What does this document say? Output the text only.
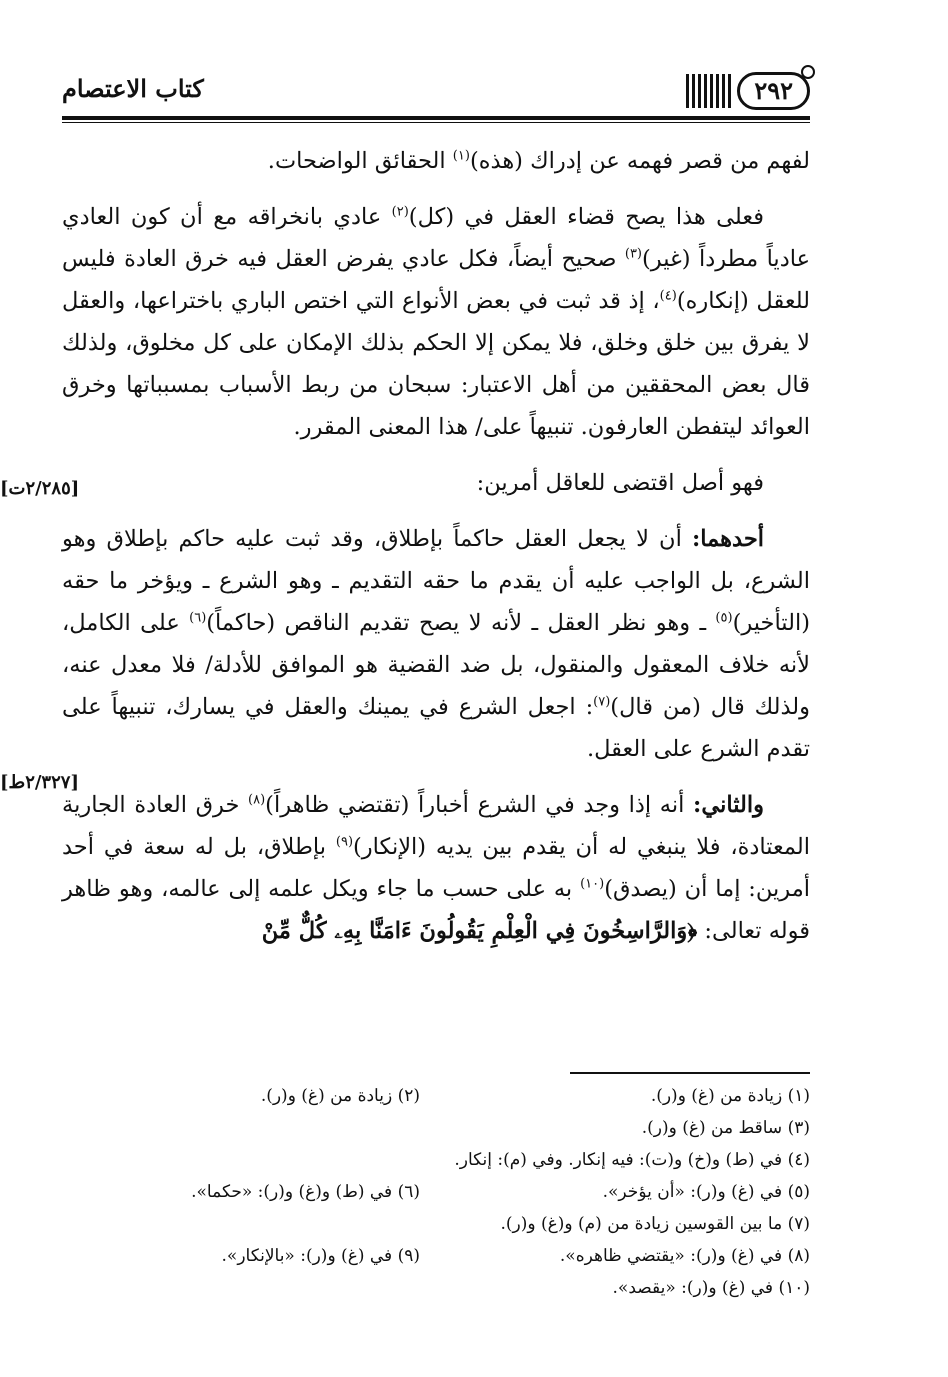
٢٩٢
كتاب الاعتصام

لفهم من قصر فهمه عن إدراك (هذه)$^{(١)}$ الحقائق الواضحات.

فعلى هذا يصح قضاء العقل في (كل)$^{(٢)}$ عادي بانخراقه مع أن كون العادي عادياً مطرداً (غير)$^{(٣)}$ صحيح أيضاً، فكل عادي يفرض العقل فيه خرق العادة فليس للعقل (إنكاره)$^{(٤)}$، إذ قد ثبت في بعض الأنواع التي اختص الباري باختراعها، والعقل لا يفرق بين خلق وخلق، فلا يمكن إلا الحكم بذلك الإمكان على كل مخلوق، ولذلك قال بعض المحققين من أهل الاعتبار: سبحان من ربط الأسباب بمسبباتها وخرق العوائد ليتفطن العارفون. تنبيهاً على/ هذا المعنى المقرر.

فهو أصل اقتضى للعاقل أمرين:

أحدهما: أن لا يجعل العقل حاكماً بإطلاق، وقد ثبت عليه حاكم بإطلاق وهو الشرع، بل الواجب عليه أن يقدم ما حقه التقديم ـ وهو الشرع ـ ويؤخر ما حقه (التأخير)$^{(٥)}$ ـ وهو نظر العقل ـ لأنه لا يصح تقديم الناقص (حاكماً)$^{(٦)}$ على الكامل، لأنه خلاف المعقول والمنقول، بل ضد القضية هو الموافق للأدلة/ فلا معدل عنه، ولذلك قال (من قال)$^{(٧)}$: اجعل الشرع في يمينك والعقل في يسارك، تنبيهاً على تقدم الشرع على العقل.

والثاني: أنه إذا وجد في الشرع أخباراً (تقتضي ظاهراً)$^{(٨)}$ خرق العادة الجارية المعتادة، فلا ينبغي له أن يقدم بين يديه (الإنكار)$^{(٩)}$ بإطلاق، بل له سعة في أحد أمرين: إما أن (يصدق)$^{(١٠)}$ به على حسب ما جاء ويكل علمه إلى عالمه، وهو ظاهر قوله تعالى: ﴿وَالرَّاسِخُونَ فِي الْعِلْمِ يَقُولُونَ ءَامَنَّا بِهِۦ كُلٌّ مِّنْ

[٢/٢٨٥ت]
[٢/٣٢٧ط]
(١) زيادة من (غ) و(ر).
(٢) زيادة من (غ) و(ر).
(٣) ساقط من (غ) و(ر).
(٤) في (ط) و(خ) و(ت): فيه إنكار. وفي (م): إنكار.
(٥) في (غ) و(ر): «أن يؤخر».
(٦) في (ط) و(غ) و(ر): «حكما».
(٧) ما بين القوسين زيادة من (م) و(غ) و(ر).
(٨) في (غ) و(ر): «يقتضي ظاهره».
(٩) في (غ) و(ر): «بالإنكار».
(١٠) في (غ) و(ر): «يقصد».
